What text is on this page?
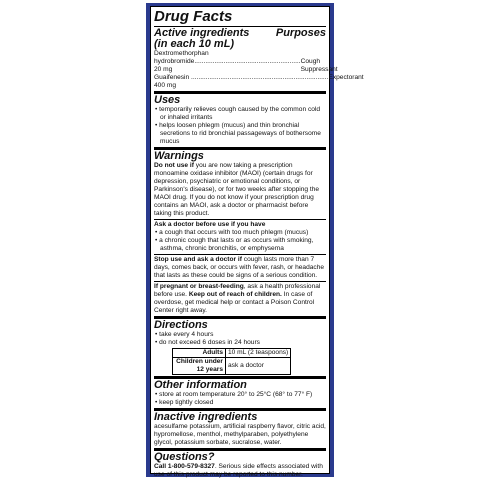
Drug Facts
Active ingredients Purposes
(in each 10 mL)
Dextromethorphan
hydrobromide 20 mg
.......................................................... Cough Suppressant
Guaifenesin 400 mg
........................................................................... Expectorant
Uses
• temporarily relieves cough caused by the common cold or inhaled irritants
• helps loosen phlegm (mucus) and thin bronchial secretions to rid bronchial passageways of bothersome mucus
Warnings
Do not use if you are now taking a prescription monoamine oxidase inhibitor (MAOI) (certain drugs for depression, psychiatric or emotional conditions, or Parkinson's disease), or for two weeks after stopping the MAOI drug. If you do not know if your prescription drug contains an MAOI, ask a doctor or pharmacist before taking this product.
Ask a doctor before use if you have
• a cough that occurs with too much phlegm (mucus)
• a chronic cough that lasts or as occurs with smoking, asthma, chronic bronchitis, or emphysema
Stop use and ask a doctor if cough lasts more than 7 days, comes back, or occurs with fever, rash, or headache that lasts as these could be signs of a serious condition.
If pregnant or breast-feeding, ask a health professional before use. Keep out of reach of children. In case of overdose, get medical help or contact a Poison Control Center right away.
Directions
• take every 4 hours
• do not exceed 6 doses in 24 hours
Adults	10 mL (2 teaspoons)
Children under 12 years	ask a doctor
Other information
• store at room temperature 20° to 25°C (68° to 77° F)
• keep tightly closed
Inactive ingredients
acesulfame potassium, artificial raspberry flavor, citric acid, hypromellose, menthol, methylparaben, polyethylene glycol, potassium sorbate, sucralose, water.
Questions?
Call 1-800-579-8327. Serious side effects associated with use of this product may be reported to this number.
